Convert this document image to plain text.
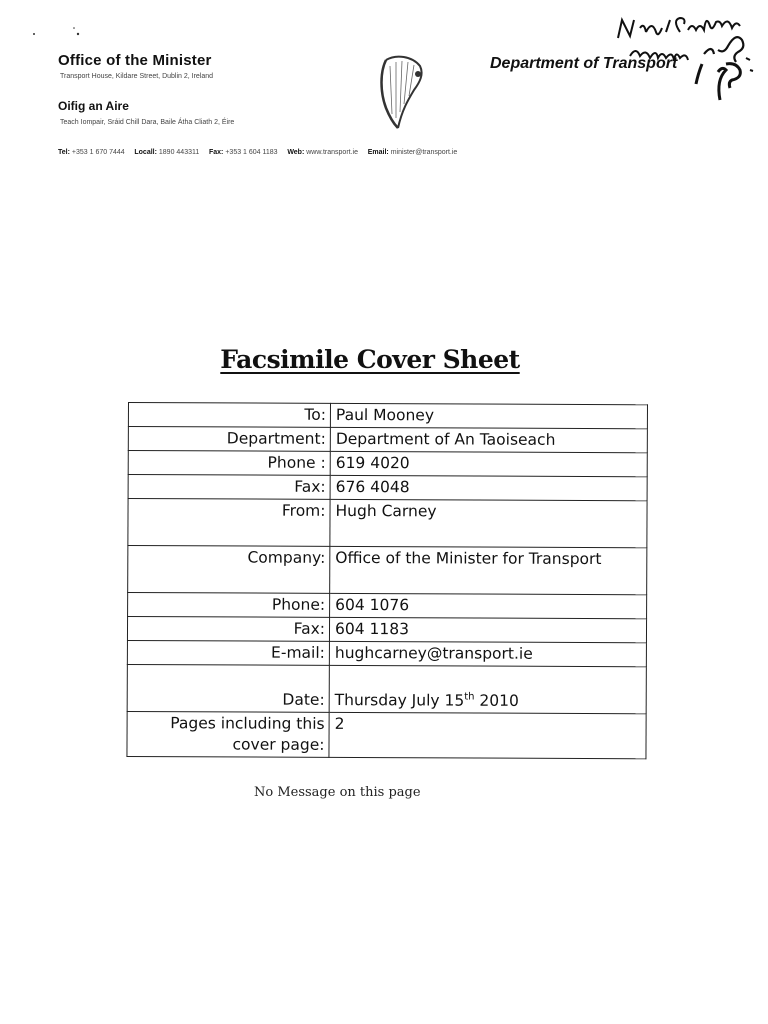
Office of the Minister
Transport House, Kildare Street, Dublin 2, Ireland
Oifig an Aire
Teach Iompair, Sráid Chill Dara, Baile Átha Cliath 2, Éire
Department of Transport
Tel: +353 1 670 7444 Locall: 1890 443311 Fax: +353 1 604 1183 Web: www.transport.ie Email: minister@transport.ie
Facsimile Cover Sheet
To:	Paul Mooney
Department:	Department of An Taoiseach
Phone :	619 4020
Fax:	676 4048
From:	Hugh Carney
Company:	Office of the Minister for Transport
Phone:	604 1076
Fax:	604 1183
E-mail:	hughcarney@transport.ie
Date:	Thursday July 15th 2010
Pages including this cover page:	2
No Message on this page
